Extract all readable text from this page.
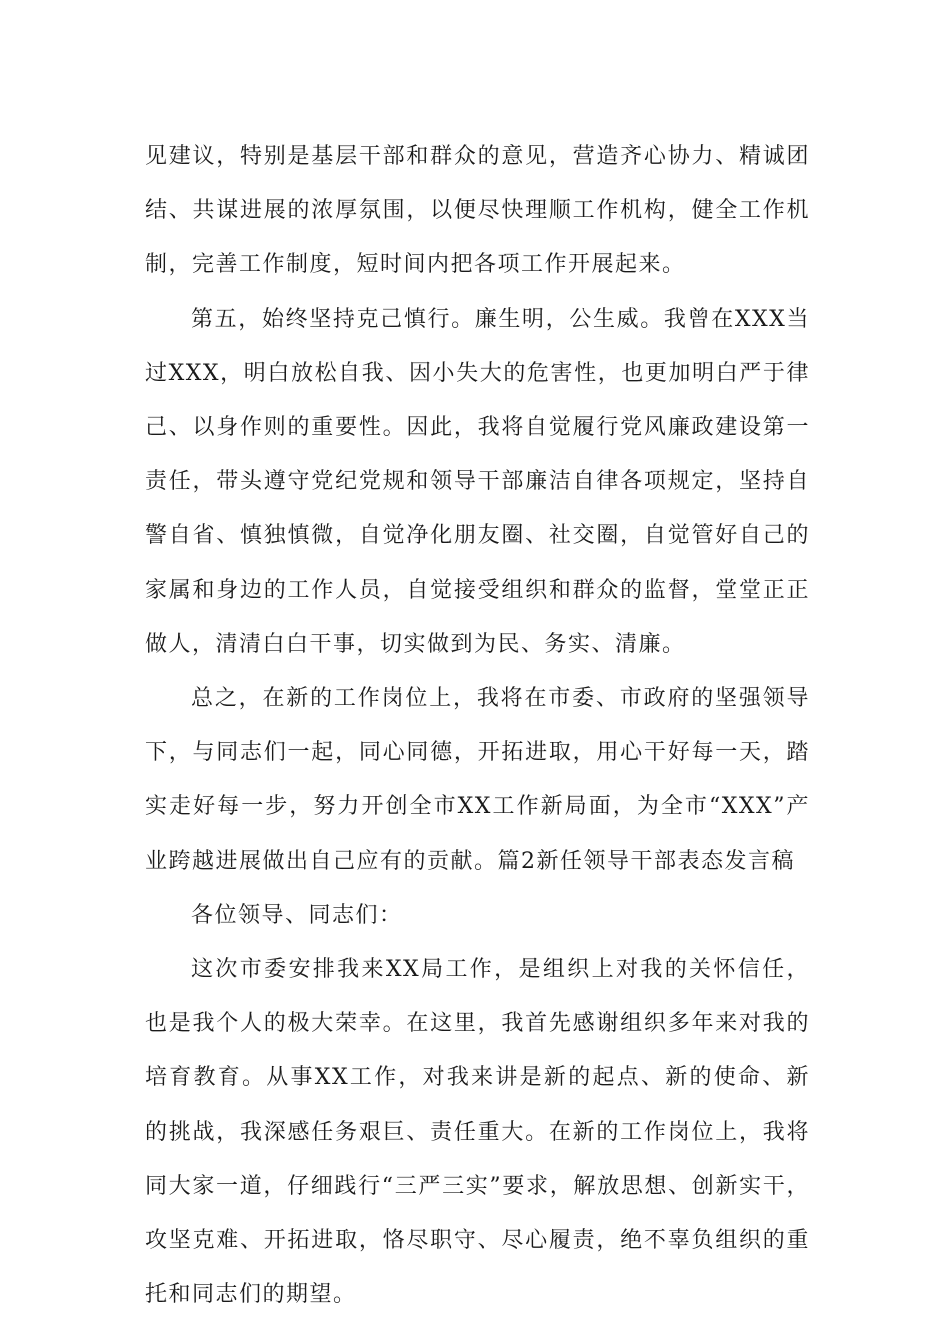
见建议，特别是基层干部和群众的意见，营造齐心协力、精诚团结、共谋进展的浓厚氛围，以便尽快理顺工作机构，健全工作机制，完善工作制度，短时间内把各项工作开展起来。

第五，始终坚持克己慎行。廉生明，公生威。我曾在XXX当过XXX，明白放松自我、因小失大的危害性，也更加明白严于律己、以身作则的重要性。因此，我将自觉履行党风廉政建设第一责任，带头遵守党纪党规和领导干部廉洁自律各项规定，坚持自警自省、慎独慎微，自觉净化朋友圈、社交圈，自觉管好自己的家属和身边的工作人员，自觉接受组织和群众的监督，堂堂正正做人，清清白白干事，切实做到为民、务实、清廉。

总之，在新的工作岗位上，我将在市委、市政府的坚强领导下，与同志们一起，同心同德，开拓进取，用心干好每一天，踏实走好每一步，努力开创全市XX工作新局面，为全市“XXX”产业跨越进展做出自己应有的贡献。篇2新任领导干部表态发言稿

各位领导、同志们：

这次市委安排我来XX局工作，是组织上对我的关怀信任，也是我个人的极大荣幸。在这里，我首先感谢组织多年来对我的培育教育。从事XX工作，对我来讲是新的起点、新的使命、新的挑战，我深感任务艰巨、责任重大。在新的工作岗位上，我将同大家一道，仔细践行“三严三实”要求，解放思想、创新实干，攻坚克难、开拓进取，恪尽职守、尽心履责，绝不辜负组织的重托和同志们的期望。
